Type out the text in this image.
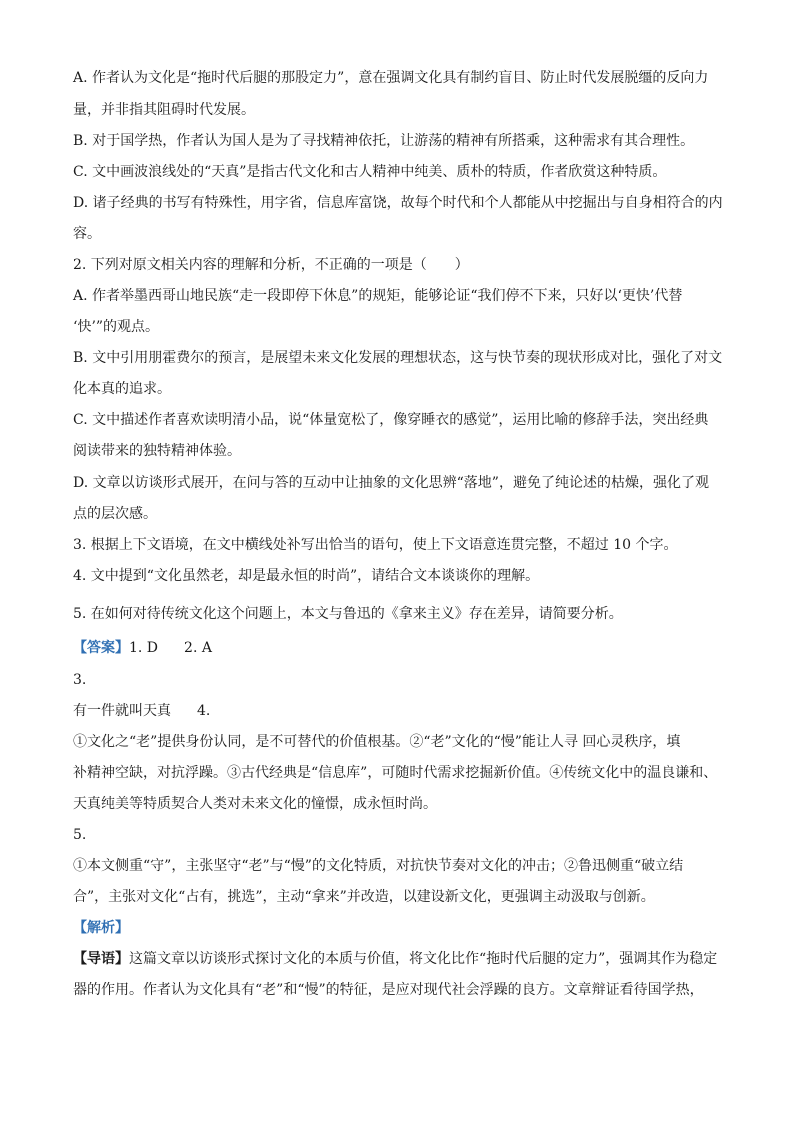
A. 作者认为文化是“拖时代后腿的那股定力”，意在强调文化具有制约盲目、防止时代发展脱缰的反向力
量，并非指其阻碍时代发展。
B. 对于国学热，作者认为国人是为了寻找精神依托，让游荡的精神有所搭乘，这种需求有其合理性。
C. 文中画波浪线处的“天真”是指古代文化和古人精神中纯美、质朴的特质，作者欣赏这种特质。
D. 诸子经典的书写有特殊性，用字省，信息库富饶，故每个时代和个人都能从中挖掘出与自身相符合的内
容。
2. 下列对原文相关内容的理解和分析，不正确的一项是（　　）
A. 作者举墨西哥山地民族“走一段即停下休息”的规矩，能够论证“我们停不下来，只好以‘更快’代替
‘快’”的观点。
B. 文中引用朋霍费尔的预言，是展望未来文化发展的理想状态，这与快节奏的现状形成对比，强化了对文
化本真的追求。
C. 文中描述作者喜欢读明清小品，说“体量宽松了，像穿睡衣的感觉”，运用比喻的修辞手法，突出经典
阅读带来的独特精神体验。
D. 文章以访谈形式展开，在问与答的互动中让抽象的文化思辨“落地”，避免了纯论述的枯燥，强化了观
点的层次感。
3. 根据上下文语境，在文中横线处补写出恰当的语句，使上下文语意连贯完整，不超过 10 个字。
4. 文中提到“文化虽然老，却是最永恒的时尚”，请结合文本谈谈你的理解。
5. 在如何对待传统文化这个问题上，本文与鲁迅的《拿来主义》存在差异，请简要分析。
【答案】1. D 2. A
3.
有一件就叫天真 4.
①文化之“老”提供身份认同，是不可替代的价值根基。②“老”文化的“慢”能让人寻 回心灵秩序，填
补精神空缺，对抗浮躁。③古代经典是“信息库”，可随时代需求挖掘新价值。④传统文化中的温良谦和、
天真纯美等特质契合人类对未来文化的憧憬，成永恒时尚。
5.
①本文侧重“守”，主张坚守“老”与“慢”的文化特质，对抗快节奏对文化的冲击；②鲁迅侧重“破立结
合”，主张对文化“占有，挑选”，主动“拿来”并改造，以建设新文化，更强调主动汲取与创新。
【解析】
【导语】这篇文章以访谈形式探讨文化的本质与价值，将文化比作“拖时代后腿的定力”，强调其作为稳定
器的作用。作者认为文化具有“老”和“慢”的特征，是应对现代社会浮躁的良方。文章辩证看待国学热，
